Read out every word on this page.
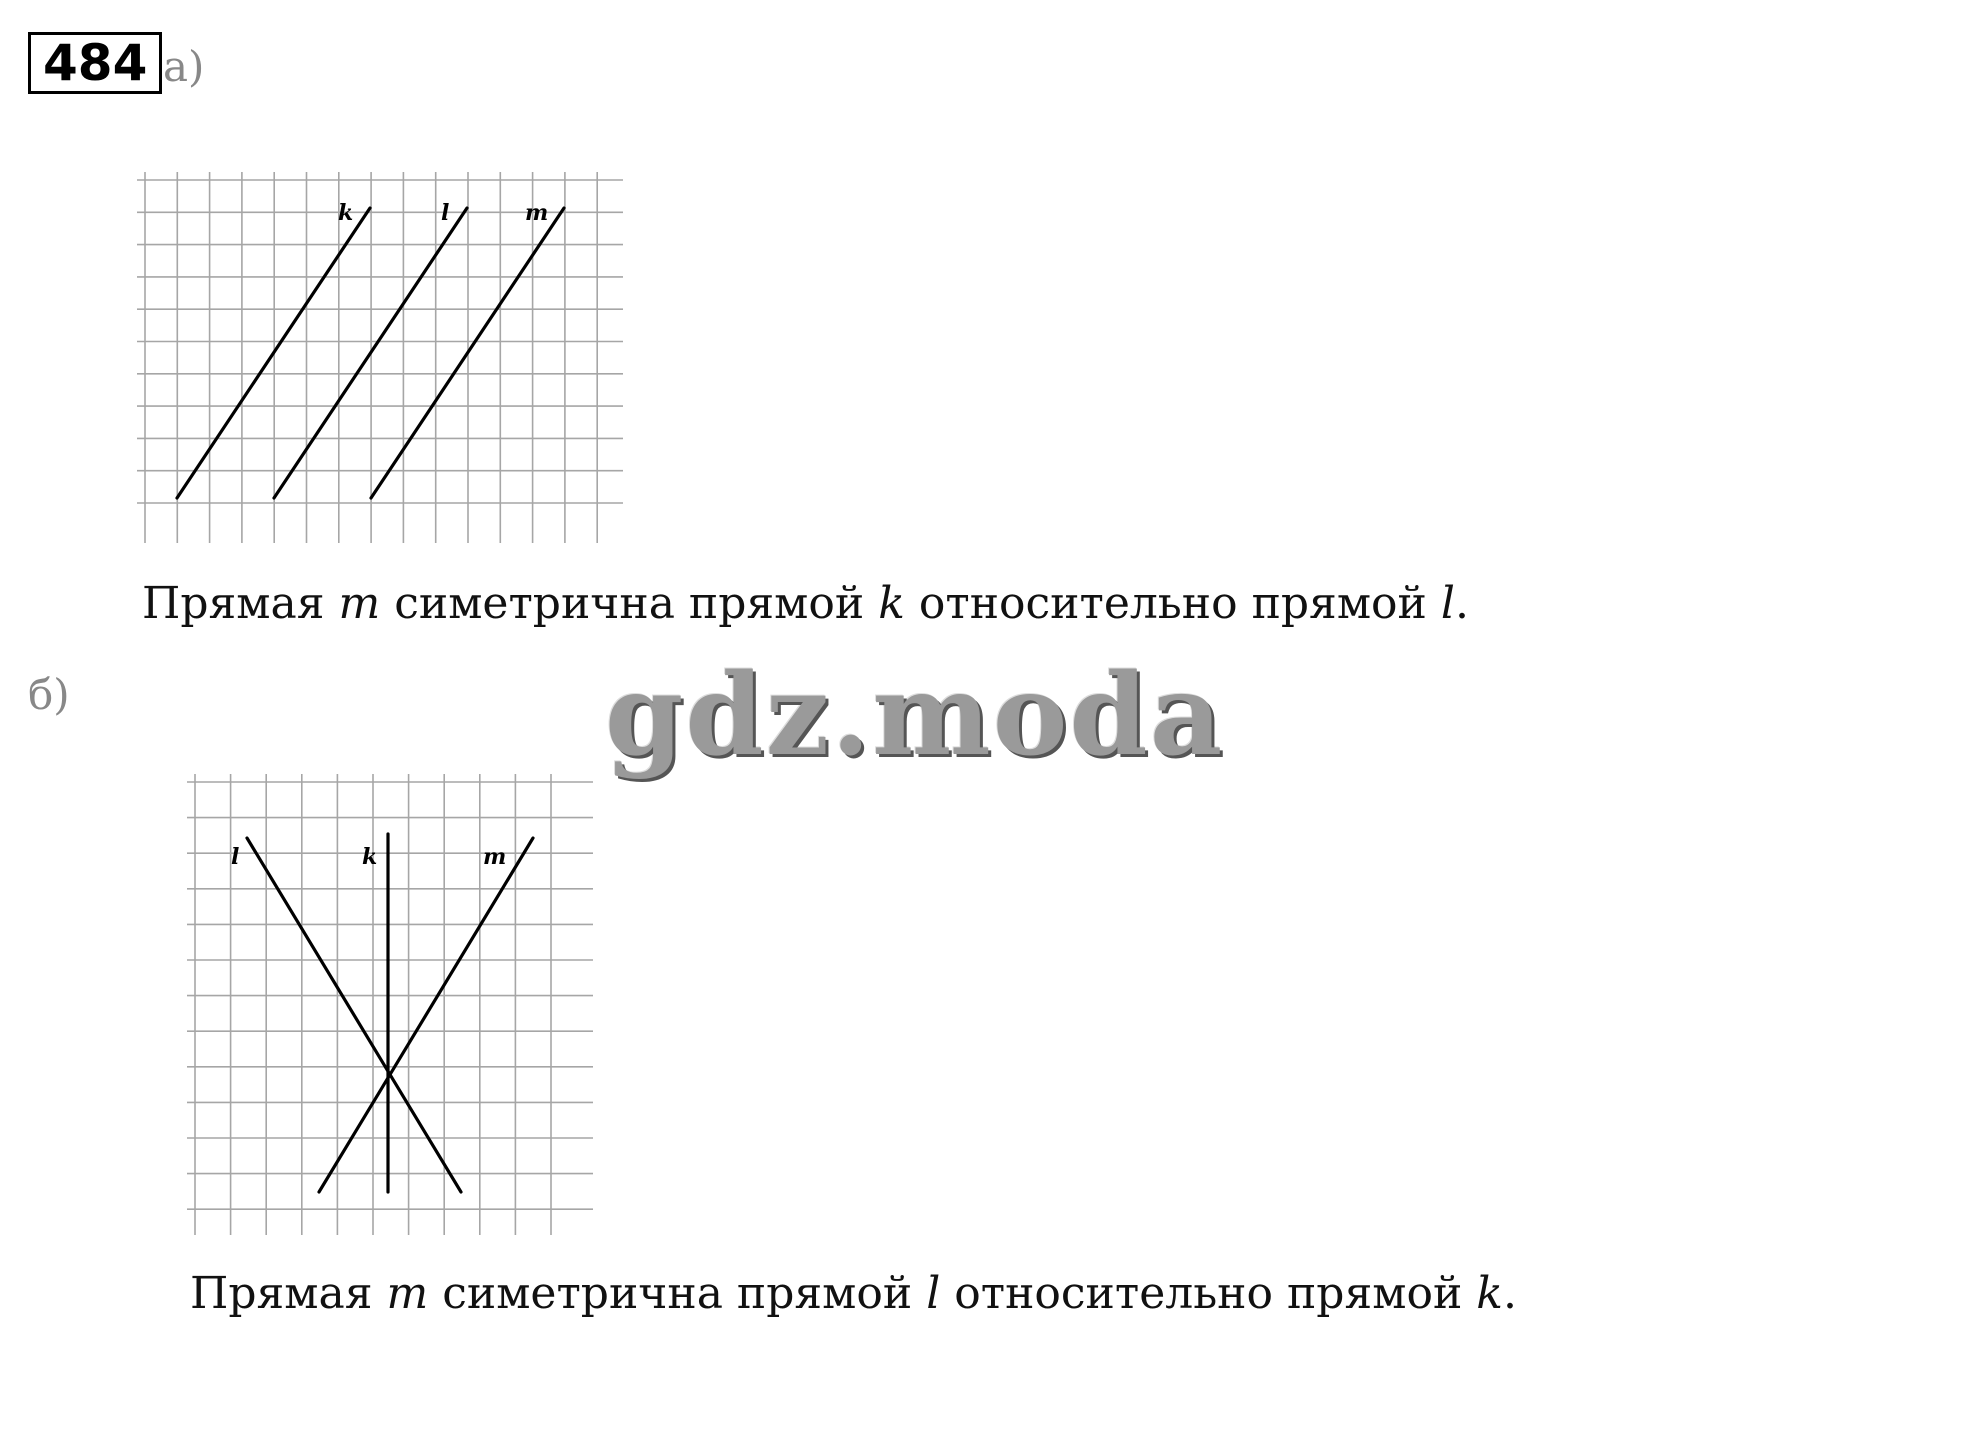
484 а)
k	l	m
Прямая m симетрична прямой k относительно прямой l.
б)	gdz.moda
l	k	m
Прямая m симетрична прямой l относительно прямой k.
